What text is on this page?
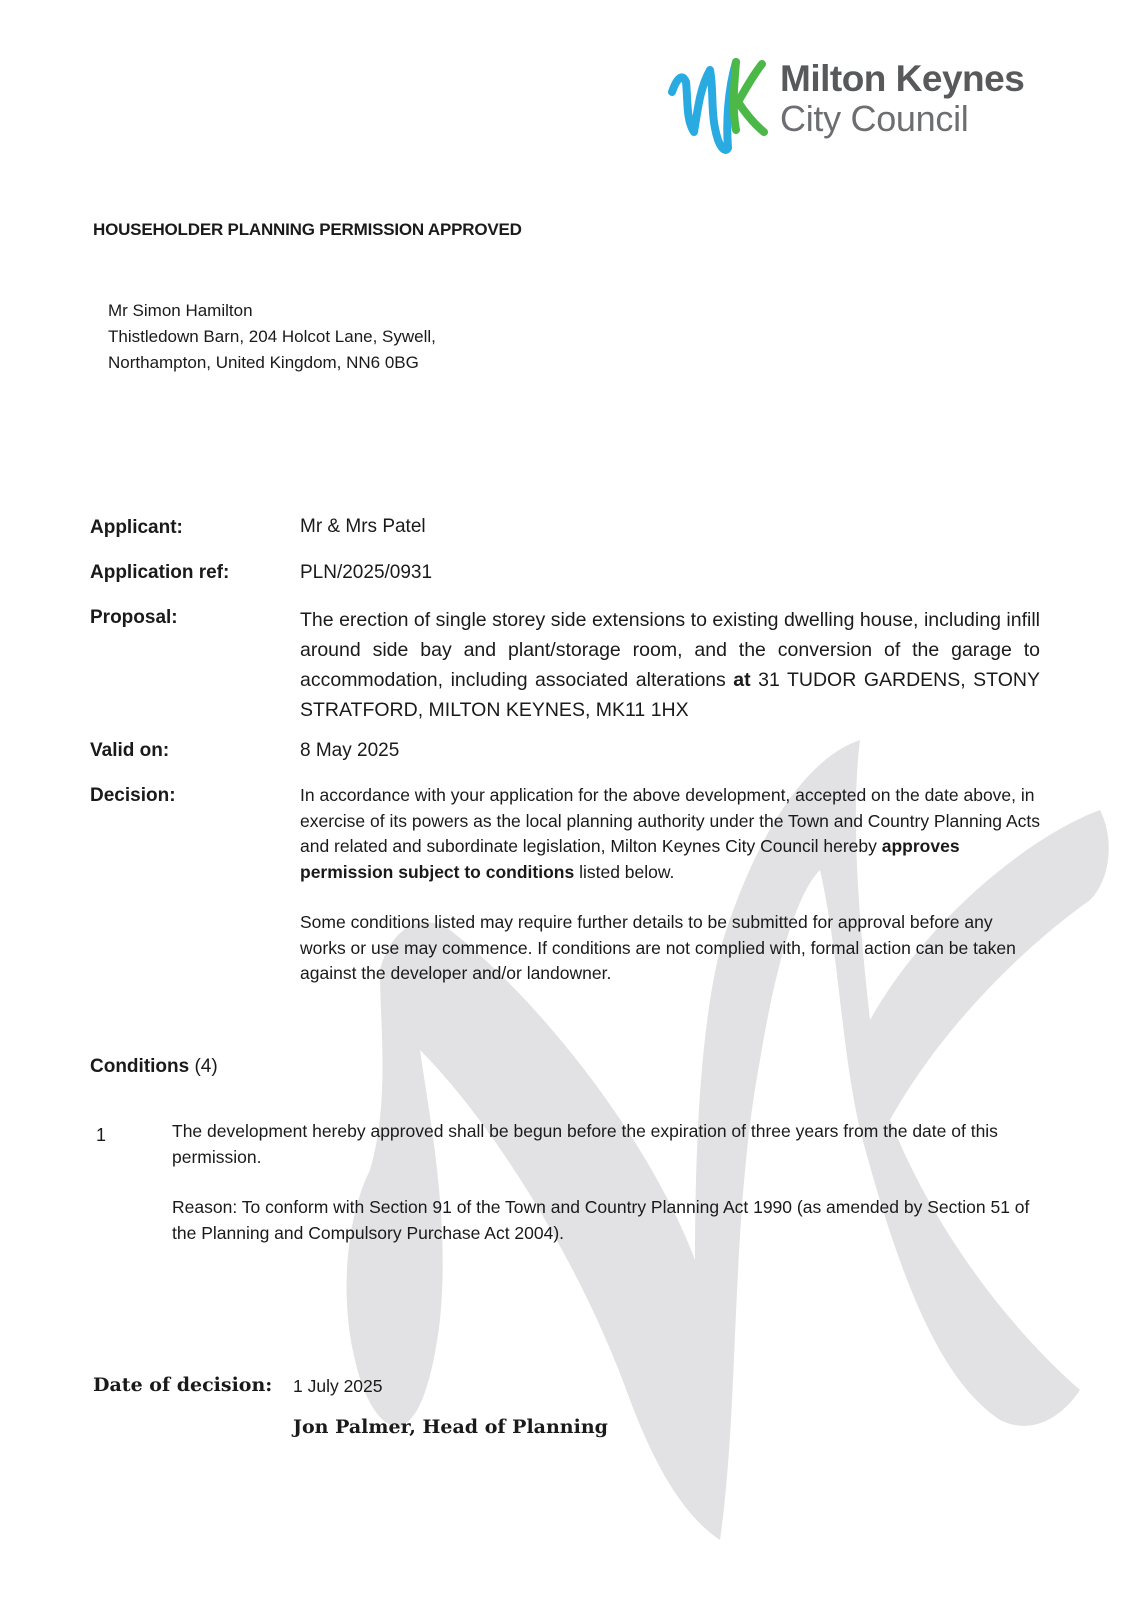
Milton Keynes
City Council
HOUSEHOLDER PLANNING PERMISSION APPROVED
Mr Simon Hamilton
Thistledown Barn, 204 Holcot Lane, Sywell,
Northampton, United Kingdom, NN6 0BG
Applicant:	Mr & Mrs Patel
Application ref:	PLN/2025/0931
Proposal:	The erection of single storey side extensions to existing dwelling house, including infill around side bay and plant/storage room, and the conversion of the garage to accommodation, including associated alterations at 31 TUDOR GARDENS, STONY STRATFORD, MILTON KEYNES, MK11 1HX
Valid on:	8 May 2025
Decision:	In accordance with your application for the above development, accepted on the date above, in exercise of its powers as the local planning authority under the Town and Country Planning Acts and related and subordinate legislation, Milton Keynes City Council hereby approves permission subject to conditions listed below.

Some conditions listed may require further details to be submitted for approval before any works or use may commence. If conditions are not complied with, formal action can be taken against the developer and/or landowner.

Conditions (4)
1	The development hereby approved shall be begun before the expiration of three years from the date of this permission.

Reason: To conform with Section 91 of the Town and Country Planning Act 1990 (as amended by Section 51 of the Planning and Compulsory Purchase Act 2004).

Date of decision: 1 July 2025
Jon Palmer, Head of Planning
